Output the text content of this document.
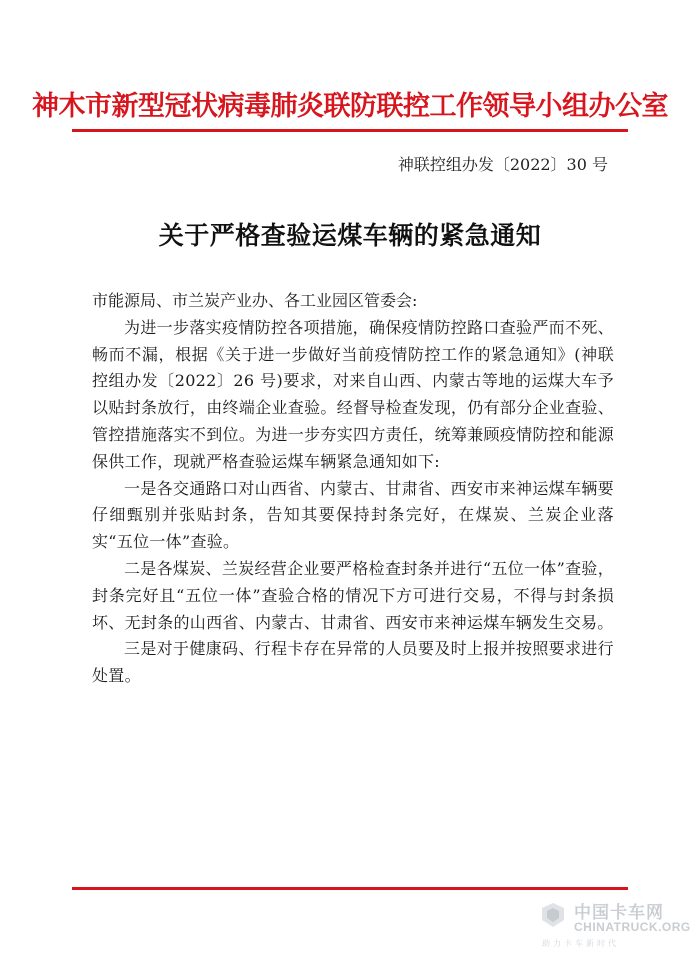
神木市新型冠状病毒肺炎联防联控工作领导小组办公室
神联控组办发〔2022〕30 号
关于严格查验运煤车辆的紧急通知

市能源局、市兰炭产业办、各工业园区管委会:

为进一步落实疫情防控各项措施，确保疫情防控路口查验严而不死、畅而不漏，根据《关于进一步做好当前疫情防控工作的紧急通知》(神联控组办发〔2022〕26 号)要求，对来自山西、内蒙古等地的运煤大车予以贴封条放行，由终端企业查验。经督导检查发现，仍有部分企业查验、管控措施落实不到位。为进一步夯实四方责任，统筹兼顾疫情防控和能源保供工作，现就严格查验运煤车辆紧急通知如下:

一是各交通路口对山西省、内蒙古、甘肃省、西安市来神运煤车辆要仔细甄别并张贴封条，告知其要保持封条完好，在煤炭、兰炭企业落实“五位一体”查验。

二是各煤炭、兰炭经营企业要严格检查封条并进行“五位一体”查验，封条完好且“五位一体”查验合格的情况下方可进行交易，不得与封条损坏、无封条的山西省、内蒙古、甘肃省、西安市来神运煤车辆发生交易。

三是对于健康码、行程卡存在异常的人员要及时上报并按照要求进行处置。

中国卡车网
CHINATRUCK.ORG
助力卡车新时代
